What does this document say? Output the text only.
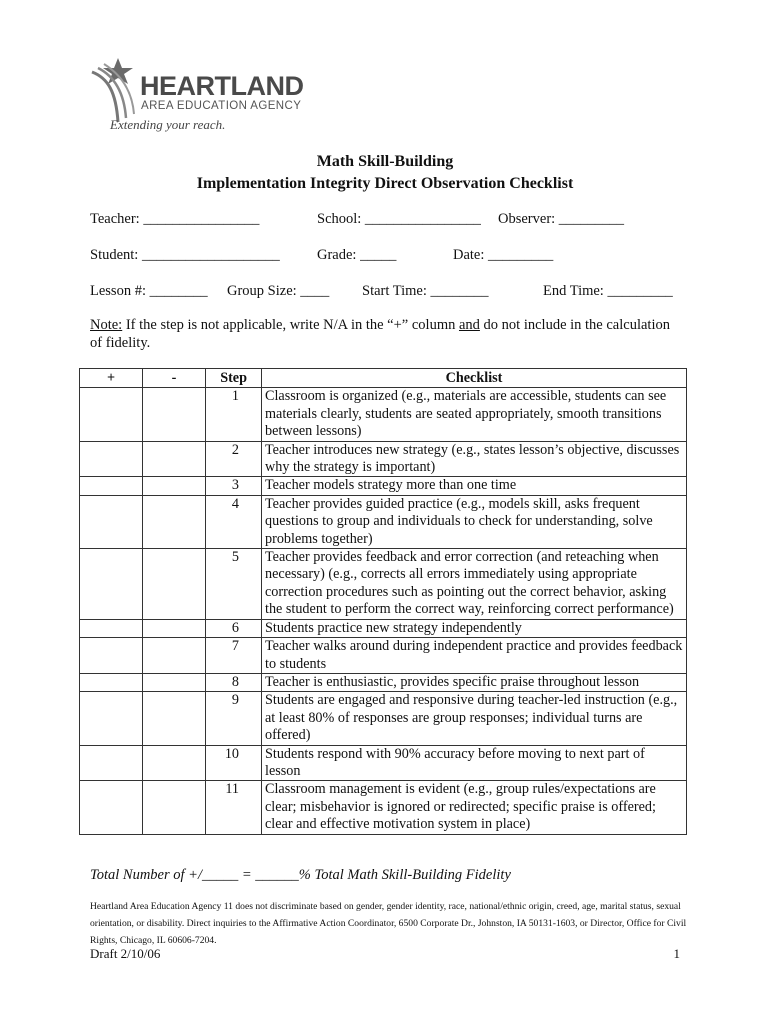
HEARTLAND
AREA EDUCATION AGENCY
Extending your reach.
Math Skill-Building
Implementation Integrity Direct Observation Checklist
Teacher: ________________	School: ________________ Observer: _________
Student: ___________________	Grade: _____	Date: _________
Lesson #: ________ Group Size: ____ Start Time: ________	End Time: _________
Note: If the step is not applicable, write N/A in the “+” column and do not include in the calculation of fidelity.
+	-	Step	Checklist
		1	Classroom is organized (e.g., materials are accessible, students can see materials clearly, students are seated appropriately, smooth transitions between lessons)
		2	Teacher introduces new strategy (e.g., states lesson’s objective, discusses why the strategy is important)
		3	Teacher models strategy more than one time
		4	Teacher provides guided practice (e.g., models skill, asks frequent questions to group and individuals to check for understanding, solve problems together)
		5	Teacher provides feedback and error correction (and reteaching when necessary) (e.g., corrects all errors immediately using appropriate correction procedures such as pointing out the correct behavior, asking the student to perform the correct way, reinforcing correct performance)
		6	Students practice new strategy independently
		7	Teacher walks around during independent practice and provides feedback to students
		8	Teacher is enthusiastic, provides specific praise throughout lesson
		9	Students are engaged and responsive during teacher-led instruction (e.g., at least 80% of responses are group responses; individual turns are offered)
		10	Students respond with 90% accuracy before moving to next part of lesson
		11	Classroom management is evident (e.g., group rules/expectations are clear; misbehavior is ignored or redirected; specific praise is offered; clear and effective motivation system in place)
Total Number of +/_____ = ______% Total Math Skill-Building Fidelity
Heartland Area Education Agency 11 does not discriminate based on gender, gender identity, race, national/ethnic origin, creed, age, marital status, sexual orientation, or disability. Direct inquiries to the Affirmative Action Coordinator, 6500 Corporate Dr., Johnston, IA 50131-1603, or Director, Office for Civil Rights, Chicago, IL 60606-7204.
Draft 2/10/06	1
